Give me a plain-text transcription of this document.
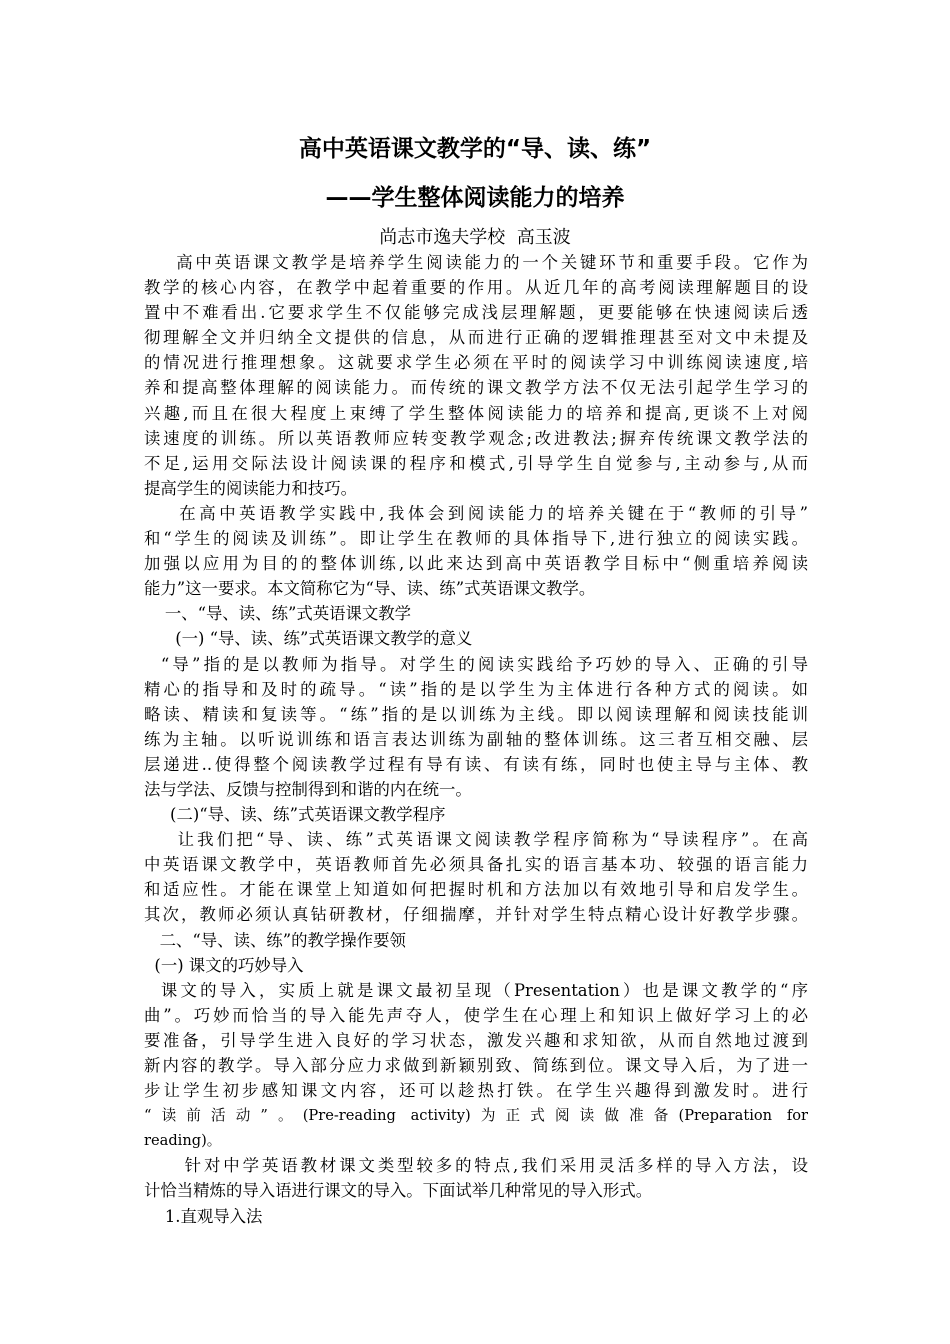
高中英语课文教学的“导、读、练”
——学生整体阅读能力的培养
尚志市逸夫学校  高玉波
高中英语课文教学是培养学生阅读能力的一个关键环节和重要手段。它作为
教学的核心内容，在教学中起着重要的作用。从近几年的高考阅读理解题目的设
置中不难看出.它要求学生不仅能够完成浅层理解题，更要能够在快速阅读后透
彻理解全文并归纳全文提供的信息，从而进行正确的逻辑推理甚至对文中未提及
的情况进行推理想象。这就要求学生必须在平时的阅读学习中训练阅读速度,培
养和提高整体理解的阅读能力。而传统的课文教学方法不仅无法引起学生学习的
兴趣,而且在很大程度上束缚了学生整体阅读能力的培养和提高,更谈不上对阅
读速度的训练。所以英语教师应转变教学观念;改进教法;摒弃传统课文教学法的
不足,运用交际法设计阅读课的程序和模式,引导学生自觉参与,主动参与,从而
提高学生的阅读能力和技巧。
在高中英语教学实践中,我体会到阅读能力的培养关键在于“教师的引导”
和“学生的阅读及训练”。即让学生在教师的具体指导下,进行独立的阅读实践。
加强以应用为目的的整体训练,以此来达到高中英语教学目标中“侧重培养阅读
能力”这一要求。本文简称它为“导、读、练”式英语课文教学。
一、“导、读、练”式英语课文教学
(一) “导、读、练”式英语课文教学的意义
“导”指的是以教师为指导。对学生的阅读实践给予巧妙的导入、正确的引导
精心的指导和及时的疏导。“读”指的是以学生为主体进行各种方式的阅读。如
略读、精读和复读等。“练”指的是以训练为主线。即以阅读理解和阅读技能训
练为主轴。以听说训练和语言表达训练为副轴的整体训练。这三者互相交融、层
层递进..使得整个阅读教学过程有导有读、有读有练，同时也使主导与主体、教
法与学法、反馈与控制得到和谐的内在统一。
(二)“导、读、练”式英语课文教学程序
让我们把“导、读、练”式英语课文阅读教学程序简称为“导读程序”。在高
中英语课文教学中，英语教师首先必须具备扎实的语言基本功、较强的语言能力
和适应性。才能在课堂上知道如何把握时机和方法加以有效地引导和启发学生。
其次，教师必须认真钻研教材，仔细揣摩，并针对学生特点精心设计好教学步骤。
二、“导、读、练”的教学操作要领
(一) 课文的巧妙导入
课文的导入，实质上就是课文最初呈现（Presentation）也是课文教学的“序
曲”。巧妙而恰当的导入能先声夺人，使学生在心理上和知识上做好学习上的必
要准备，引导学生进入良好的学习状态，激发兴趣和求知欲，从而自然地过渡到
新内容的教学。导入部分应力求做到新颖别致、简练到位。课文导入后，为了进一
步让学生初步感知课文内容，还可以趁热打铁。在学生兴趣得到激发时。进行
“读前活动”。(Pre-reading activity)为正式阅读做准备(Preparation for
reading)。
针对中学英语教材课文类型较多的特点,我们采用灵活多样的导入方法，设
计恰当精炼的导入语进行课文的导入。下面试举几种常见的导入形式。
1.直观导入法
